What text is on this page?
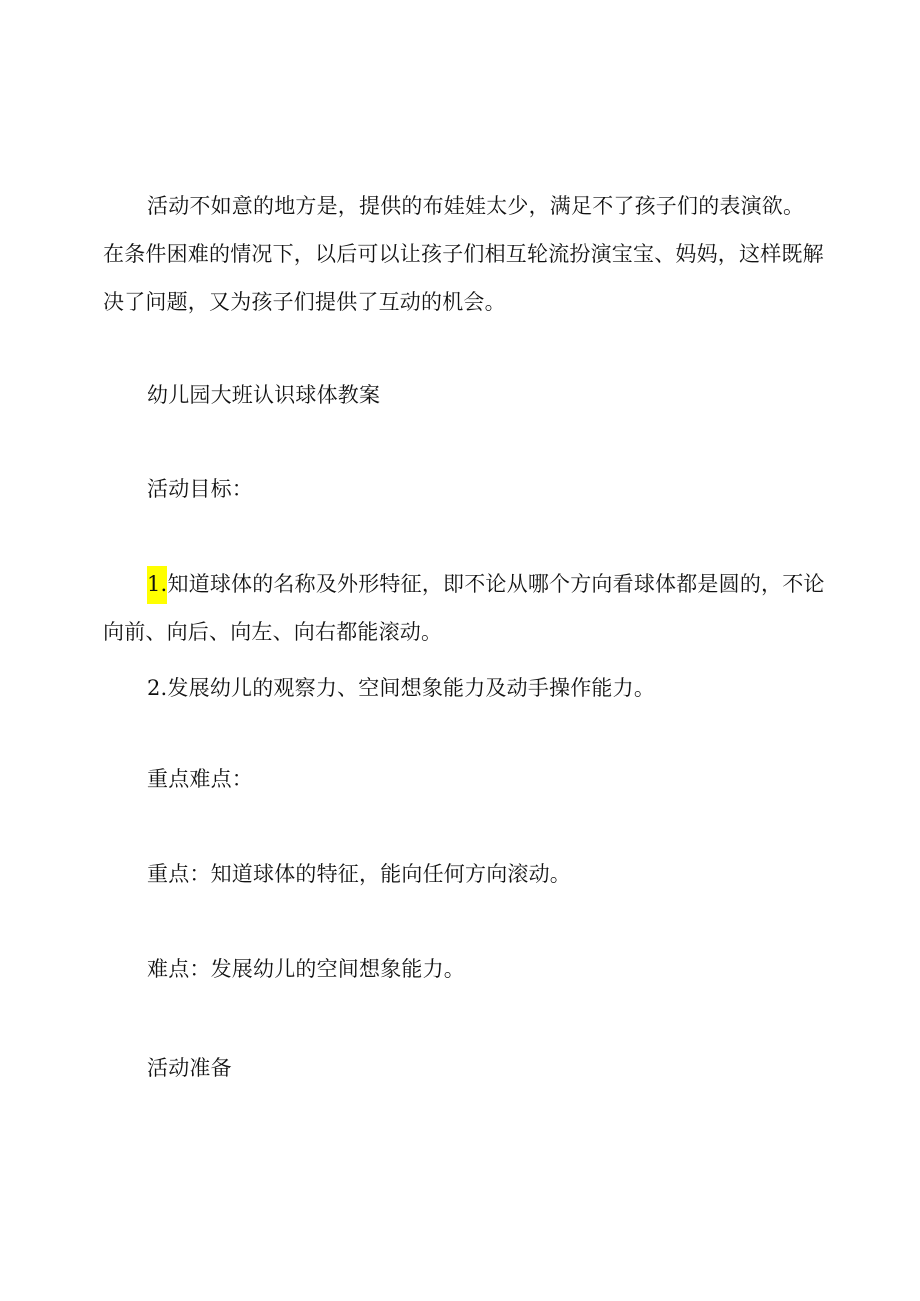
活动不如意的地方是，提供的布娃娃太少，满足不了孩子们的表演欲。
在条件困难的情况下，以后可以让孩子们相互轮流扮演宝宝、妈妈，这样既解
决了问题，又为孩子们提供了互动的机会。
幼儿园大班认识球体教案
活动目标：
1.知道球体的名称及外形特征，即不论从哪个方向看球体都是圆的，不论
向前、向后、向左、向右都能滚动。
2.发展幼儿的观察力、空间想象能力及动手操作能力。
重点难点：
重点：知道球体的特征，能向任何方向滚动。
难点：发展幼儿的空间想象能力。
活动准备
